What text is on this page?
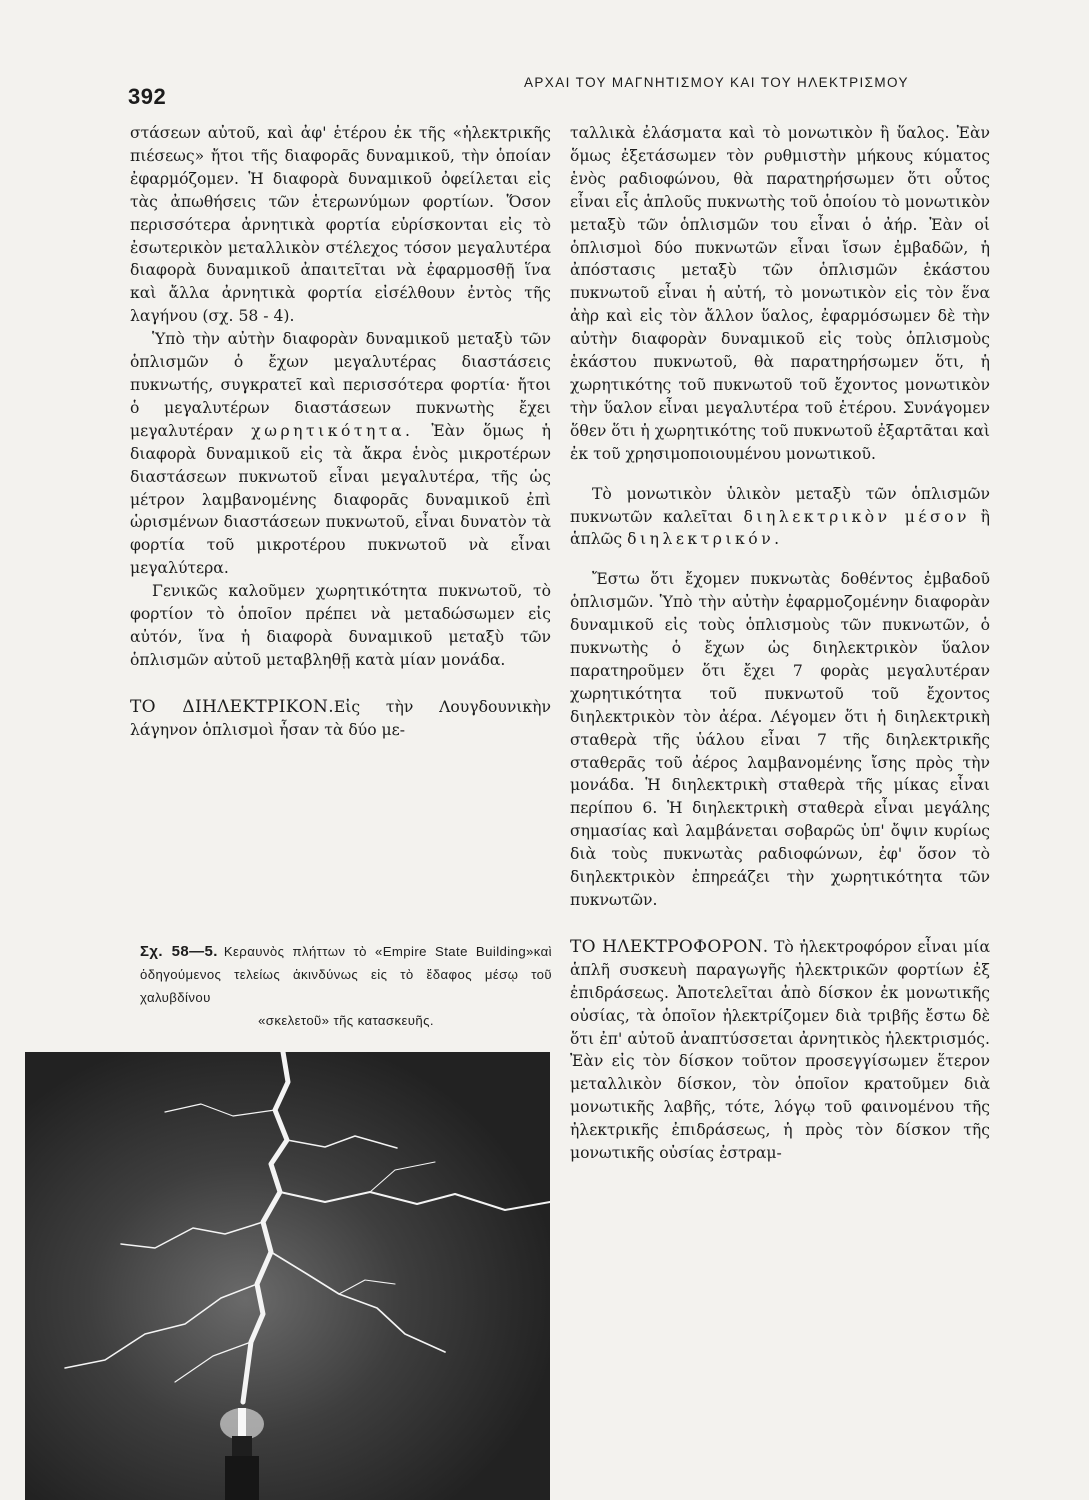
392
ΑΡΧΑΙ ΤΟΥ ΜΑΓΝΗΤΙΣΜΟΥ ΚΑΙ ΤΟΥ ΗΛΕΚΤΡΙΣΜΟΥ

στάσεων αὐτοῦ, καὶ ἀφ' ἑτέρου ἐκ τῆς «ἠλεκτρικῆς πιέσεως» ἤτοι τῆς διαφορᾶς δυναμικοῦ, τὴν ὁποίαν ἐφαρμόζομεν. Ἡ διαφορὰ δυναμικοῦ ὀφείλεται εἰς τὰς ἀπωθήσεις τῶν ἑτερωνύμων φορτίων. Ὅσον περισσότερα ἀρνητικὰ φορτία εὑρίσκονται εἰς τὸ ἐσωτερικὸν μεταλλικὸν στέλεχος τόσον μεγαλυτέρα διαφορὰ δυναμικοῦ ἀπαιτεῖται νὰ ἐφαρμοσθῇ ἵνα καὶ ἄλλα ἀρνητικὰ φορτία εἰσέλθουν ἐντὸς τῆς λαγήνου (σχ. 58 - 4).

Ὑπὸ τὴν αὐτὴν διαφορὰν δυναμικοῦ μεταξὺ τῶν ὁπλισμῶν ὁ ἔχων μεγαλυτέρας διαστάσεις πυκνωτής, συγκρατεῖ καὶ περισσότερα φορτία· ἤτοι ὁ μεγαλυτέρων διαστάσεων πυκνωτὴς ἔχει μεγαλυτέραν χωρητικότητα. Ἐὰν ὅμως ἡ διαφορὰ δυναμικοῦ εἰς τὰ ἄκρα ἑνὸς μικροτέρων διαστάσεων πυκνωτοῦ εἶναι μεγαλυτέρα, τῆς ὡς μέτρον λαμβανομένης διαφορᾶς δυναμικοῦ ἐπὶ ὡρισμένων διαστάσεων πυκνωτοῦ, εἶναι δυνατὸν τὰ φορτία τοῦ μικροτέρου πυκνωτοῦ νὰ εἶναι μεγαλύτερα.

Γενικῶς καλοῦμεν χωρητικότητα πυκνωτοῦ, τὸ φορτίον τὸ ὁποῖον πρέπει νὰ μεταδώσωμεν εἰς αὐτόν, ἵνα ἡ διαφορὰ δυναμικοῦ μεταξὺ τῶν ὁπλισμῶν αὐτοῦ μεταβληθῇ κατὰ μίαν μονάδα.

ΤΟ ΔΙΗΛΕΚΤΡΙΚΟΝ.Εἰς τὴν Λουγδουνικὴν λάγηνον ὁπλισμοὶ ἦσαν τὰ δύο με-

Σχ. 58—5. Κεραυνὸς πλήττων τὸ «Empire State Building»καὶ ὁδηγούμενος τελείως ἀκινδύνως εἰς τὸ ἔδαφος μέσῳ τοῦ χαλυβδίνου
«σκελετοῦ» τῆς κατασκευῆς.

ταλλικὰ ἐλάσματα καὶ τὸ μονωτικὸν ἢ ὕαλος. Ἐὰν ὅμως ἐξετάσωμεν τὸν ρυθμιστὴν μήκους κύματος ἑνὸς ραδιοφώνου, θὰ παρατηρήσωμεν ὅτι οὗτος εἶναι εἷς ἁπλοῦς πυκνωτὴς τοῦ ὁποίου τὸ μονωτικὸν μεταξὺ τῶν ὁπλισμῶν του εἶναι ὁ ἀήρ. Ἐὰν οἱ ὁπλισμοὶ δύο πυκνωτῶν εἶναι ἴσων ἐμβαδῶν, ἡ ἀπόστασις μεταξὺ τῶν ὁπλισμῶν ἑκάστου πυκνωτοῦ εἶναι ἡ αὐτή, τὸ μονωτικὸν εἰς τὸν ἕνα ἀὴρ καὶ εἰς τὸν ἄλλον ὕαλος, ἐφαρμόσωμεν δὲ τὴν αὐτὴν διαφορὰν δυναμικοῦ εἰς τοὺς ὁπλισμοὺς ἑκάστου πυκνωτοῦ, θὰ παρατηρήσωμεν ὅτι, ἡ χωρητικότης τοῦ πυκνωτοῦ τοῦ ἔχοντος μονωτικὸν τὴν ὕαλον εἶναι μεγαλυτέρα τοῦ ἑτέρου. Συνάγομεν ὅθεν ὅτι ἡ χωρητικότης τοῦ πυκνωτοῦ ἐξαρτᾶται καὶ ἐκ τοῦ χρησιμοποιουμένου μονωτικοῦ.

Τὸ μονωτικὸν ὑλικὸν μεταξὺ τῶν ὁπλισμῶν πυκνωτῶν καλεῖται διηλεκτρικὸν μέσον ἢ ἁπλῶς διηλεκτρικόν.

Ἔστω ὅτι ἔχομεν πυκνωτὰς δοθέντος ἐμβαδοῦ ὁπλισμῶν. Ὑπὸ τὴν αὐτὴν ἐφαρμοζομένην διαφορὰν δυναμικοῦ εἰς τοὺς ὁπλισμοὺς τῶν πυκνωτῶν, ὁ πυκνωτὴς ὁ ἔχων ὡς διηλεκτρικὸν ὕαλον παρατηροῦμεν ὅτι ἔχει 7 φορὰς μεγαλυτέραν χωρητικότητα τοῦ πυκνωτοῦ τοῦ ἔχοντος διηλεκτρικὸν τὸν ἀέρα. Λέγομεν ὅτι ἡ διηλεκτρικὴ σταθερὰ τῆς ὑάλου εἶναι 7 τῆς διηλεκτρικῆς σταθερᾶς τοῦ ἀέρος λαμβανομένης ἴσης πρὸς τὴν μονάδα. Ἡ διηλεκτρικὴ σταθερὰ τῆς μίκας εἶναι περίπου 6. Ἡ διηλεκτρικὴ σταθερὰ εἶναι μεγάλης σημασίας καὶ λαμβάνεται σοβαρῶς ὑπ' ὄψιν κυρίως διὰ τοὺς πυκνωτὰς ραδιοφώνων, ἐφ' ὅσον τὸ διηλεκτρικὸν ἐπηρεάζει τὴν χωρητικότητα τῶν πυκνωτῶν.

ΤΟ ΗΛΕΚΤΡΟΦΟΡΟΝ. Τὸ ἠλεκτροφόρον εἶναι μία ἁπλῆ συσκευὴ παραγωγῆς ἠλεκτρικῶν φορτίων ἐξ ἐπιδράσεως. Ἀποτελεῖται ἀπὸ δίσκον ἐκ μονωτικῆς οὐσίας, τὰ ὁποῖον ἠλεκτρίζομεν διὰ τριβῆς ἔστω δὲ ὅτι ἐπ' αὐτοῦ ἀναπτύσσεται ἀρνητικὸς ἠλεκτρισμός. Ἐὰν εἰς τὸν δίσκον τοῦτον προσεγγίσωμεν ἕτερον μεταλλικὸν δίσκον, τὸν ὁποῖον κρατοῦμεν διὰ μονωτικῆς λαβῆς, τότε, λόγῳ τοῦ φαινομένου τῆς ἠλεκτρικῆς ἐπιδράσεως, ἡ πρὸς τὸν δίσκον τῆς μονωτικῆς οὐσίας ἐστραμ-
